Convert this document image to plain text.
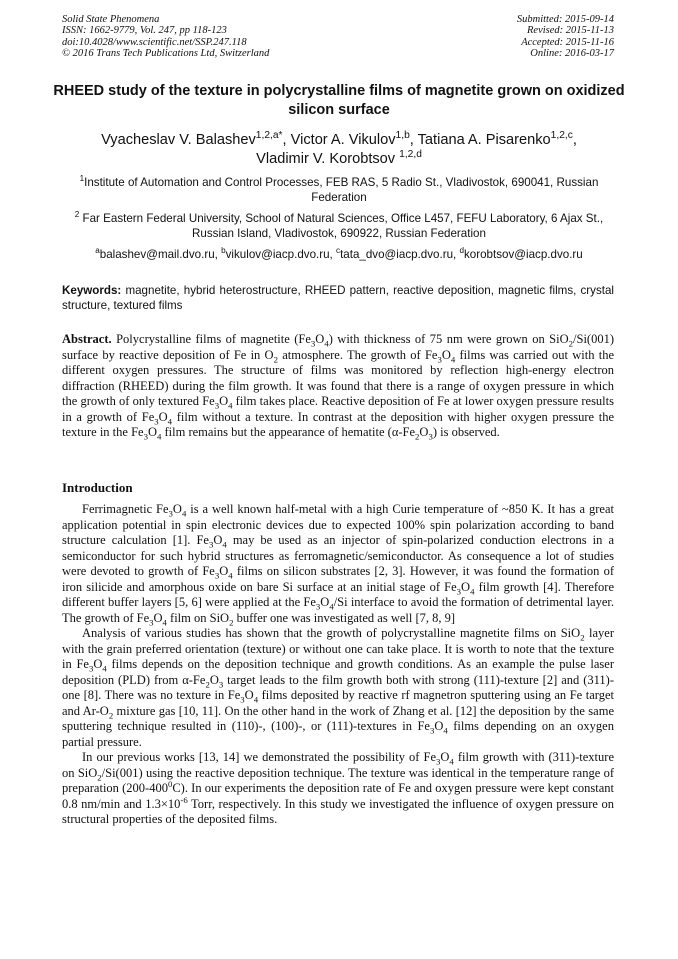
Solid State Phenomena
ISSN: 1662-9779, Vol. 247, pp 118-123
doi:10.4028/www.scientific.net/SSP.247.118
© 2016 Trans Tech Publications Ltd, Switzerland
Submitted: 2015-09-14
Revised: 2015-11-13
Accepted: 2015-11-16
Online: 2016-03-17
RHEED study of the texture in polycrystalline films of magnetite grown on oxidized silicon surface
Vyacheslav V. Balashev$^{1,2,a*}$, Victor A. Vikulov$^{1,b}$, Tatiana A. Pisarenko$^{1,2,c}$,
Vladimir V. Korobtsov $^{1,2,d}$
$^1$Institute of Automation and Control Processes, FEB RAS, 5 Radio St., Vladivostok, 690041, Russian Federation
$^2$ Far Eastern Federal University, School of Natural Sciences, Office L457, FEFU Laboratory, 6 Ajax St., Russian Island, Vladivostok, 690922, Russian Federation
$^a$balashev@mail.dvo.ru, $^b$vikulov@iacp.dvo.ru, $^c$tata_dvo@iacp.dvo.ru, $^d$korobtsov@iacp.dvo.ru
Keywords: magnetite, hybrid heterostructure, RHEED pattern, reactive deposition, magnetic films, crystal structure, textured films
Abstract. Polycrystalline films of magnetite $(Fe_3O_4)$ with thickness of 75 nm were grown on SiO$_2$/Si(001) surface by reactive deposition of Fe in $O_2$ atmosphere. The growth of $Fe_3O_4$ films was carried out with the different oxygen pressures. The structure of films was monitored by reflection high-energy electron diffraction (RHEED) during the film growth. It was found that there is a range of oxygen pressure in which the growth of only textured $Fe_3O_4$ film takes place. Reactive deposition of Fe at lower oxygen pressure results in a growth of $Fe_3O_4$ film without a texture. In contrast at the deposition with higher oxygen pressure the texture in the $Fe_3O_4$ film remains but the appearance of hematite $(\alpha-Fe_2O_3)$ is observed.
Introduction

Ferrimagnetic $Fe_3O_4$ is a well known half-metal with a high Curie temperature of ~850 K. It has a great application potential in spin electronic devices due to expected 100% spin polarization according to band structure calculation [1]. $Fe_3O_4$ may be used as an injector of spin-polarized conduction electrons in a semiconductor for such hybrid structures as ferromagnetic/semiconductor. As consequence a lot of studies were devoted to growth of $Fe_3O_4$ films on silicon substrates [2, 3]. However, it was found the formation of iron silicide and amorphous oxide on bare Si surface at an initial stage of $Fe_3O_4$ film growth [4]. Therefore different buffer layers [5, 6] were applied at the $Fe_3O_4/Si$ interface to avoid the formation of detrimental layer. The growth of $Fe_3O_4$ film on SiO$_2$ buffer one was investigated as well [7, 8, 9]

Analysis of various studies has shown that the growth of polycrystalline magnetite films on SiO$_2$ layer with the grain preferred orientation (texture) or without one can take place. It is worth to note that the texture in $Fe_3O_4$ films depends on the deposition technique and growth conditions. As an example the pulse laser deposition (PLD) from $\alpha-Fe_2O_3$ target leads to the film growth both with strong (111)-texture [2] and (311)-one [8]. There was no texture in $Fe_3O_4$ films deposited by reactive rf magnetron sputtering using an Fe target and $Ar-O_2$ mixture gas [10, 11]. On the other hand in the work of Zhang et al. [12] the deposition by the same sputtering technique resulted in (110)-, (100)-, or (111)-textures in $Fe_3O_4$ films depending on an oxygen partial pressure.

In our previous works [13, 14] we demonstrated the possibility of $Fe_3O_4$ film growth with (311)-texture on SiO$_2$/Si(001) using the reactive deposition technique. The texture was identical in the temperature range of preparation $(200-400^0C)$. In our experiments the deposition rate of Fe and oxygen pressure were kept constant 0.8 nm/min and $1.3\times 10^{-6}$ Torr, respectively. In this study we investigated the influence of oxygen pressure on structural properties of the deposited films.
